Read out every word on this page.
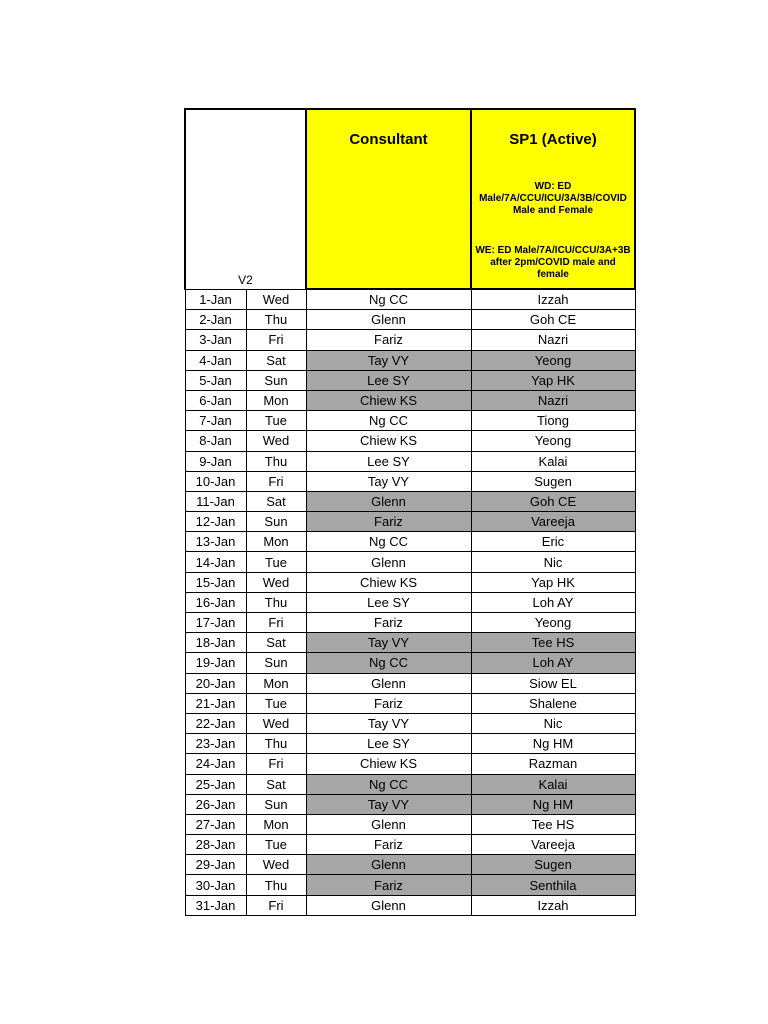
V2		Consultant	SP1 (Active)
WD: ED Male/7A/CCU/ICU/3A/3B/COVID Male and Female
WE: ED Male/7A/ICU/CCU/3A+3B after 2pm/COVID male and female

1-Jan	Wed	Ng CC	Izzah
2-Jan	Thu	Glenn	Goh CE
3-Jan	Fri	Fariz	Nazri
4-Jan	Sat	Tay VY	Yeong
5-Jan	Sun	Lee SY	Yap HK
6-Jan	Mon	Chiew KS	Nazri
7-Jan	Tue	Ng CC	Tiong
8-Jan	Wed	Chiew KS	Yeong
9-Jan	Thu	Lee SY	Kalai
10-Jan	Fri	Tay VY	Sugen
11-Jan	Sat	Glenn	Goh CE
12-Jan	Sun	Fariz	Vareeja
13-Jan	Mon	Ng CC	Eric
14-Jan	Tue	Glenn	Nic
15-Jan	Wed	Chiew KS	Yap HK
16-Jan	Thu	Lee SY	Loh AY
17-Jan	Fri	Fariz	Yeong
18-Jan	Sat	Tay VY	Tee HS
19-Jan	Sun	Ng CC	Loh AY
20-Jan	Mon	Glenn	Siow EL
21-Jan	Tue	Fariz	Shalene
22-Jan	Wed	Tay VY	Nic
23-Jan	Thu	Lee SY	Ng HM
24-Jan	Fri	Chiew KS	Razman
25-Jan	Sat	Ng CC	Kalai
26-Jan	Sun	Tay VY	Ng HM
27-Jan	Mon	Glenn	Tee HS
28-Jan	Tue	Fariz	Vareeja
29-Jan	Wed	Glenn	Sugen
30-Jan	Thu	Fariz	Senthila
31-Jan	Fri	Glenn	Izzah
